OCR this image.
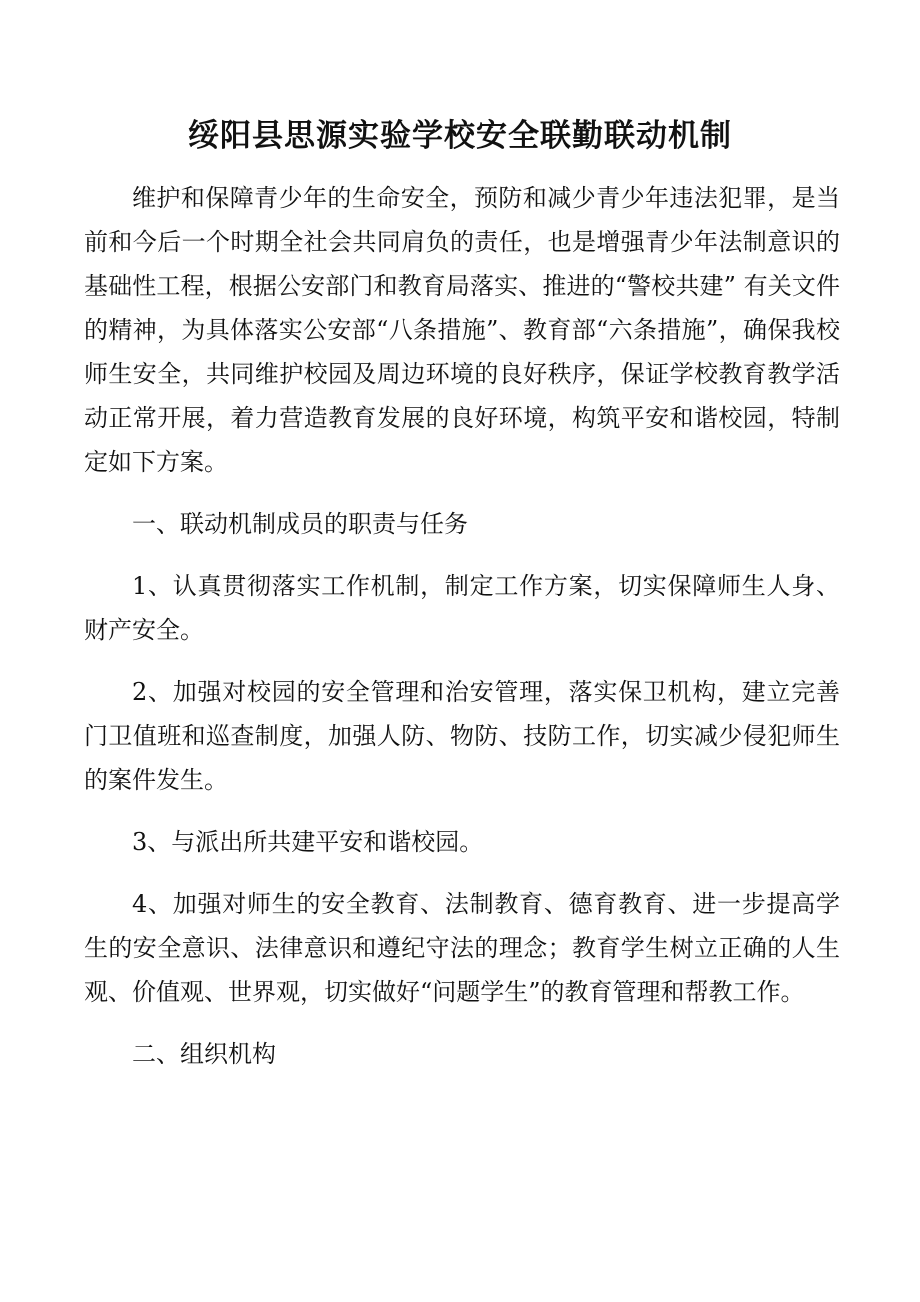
绥阳县思源实验学校安全联勤联动机制

维护和保障青少年的生命安全，预防和减少青少年违法犯罪，是当前和今后一个时期全社会共同肩负的责任，也是增强青少年法制意识的基础性工程，根据公安部门和教育局落实、推进的“警校共建” 有关文件的精神，为具体落实公安部“八条措施”、教育部“六条措施”，确保我校师生安全，共同维护校园及周边环境的良好秩序，保证学校教育教学活动正常开展，着力营造教育发展的良好环境，构筑平安和谐校园，特制定如下方案。

一、联动机制成员的职责与任务

1、认真贯彻落实工作机制，制定工作方案，切实保障师生人身、财产安全。

2、加强对校园的安全管理和治安管理，落实保卫机构，建立完善门卫值班和巡查制度，加强人防、物防、技防工作，切实减少侵犯师生的案件发生。

3、与派出所共建平安和谐校园。

4、加强对师生的安全教育、法制教育、德育教育、进一步提高学生的安全意识、法律意识和遵纪守法的理念；教育学生树立正确的人生观、价值观、世界观，切实做好“问题学生”的教育管理和帮教工作。

二、组织机构
